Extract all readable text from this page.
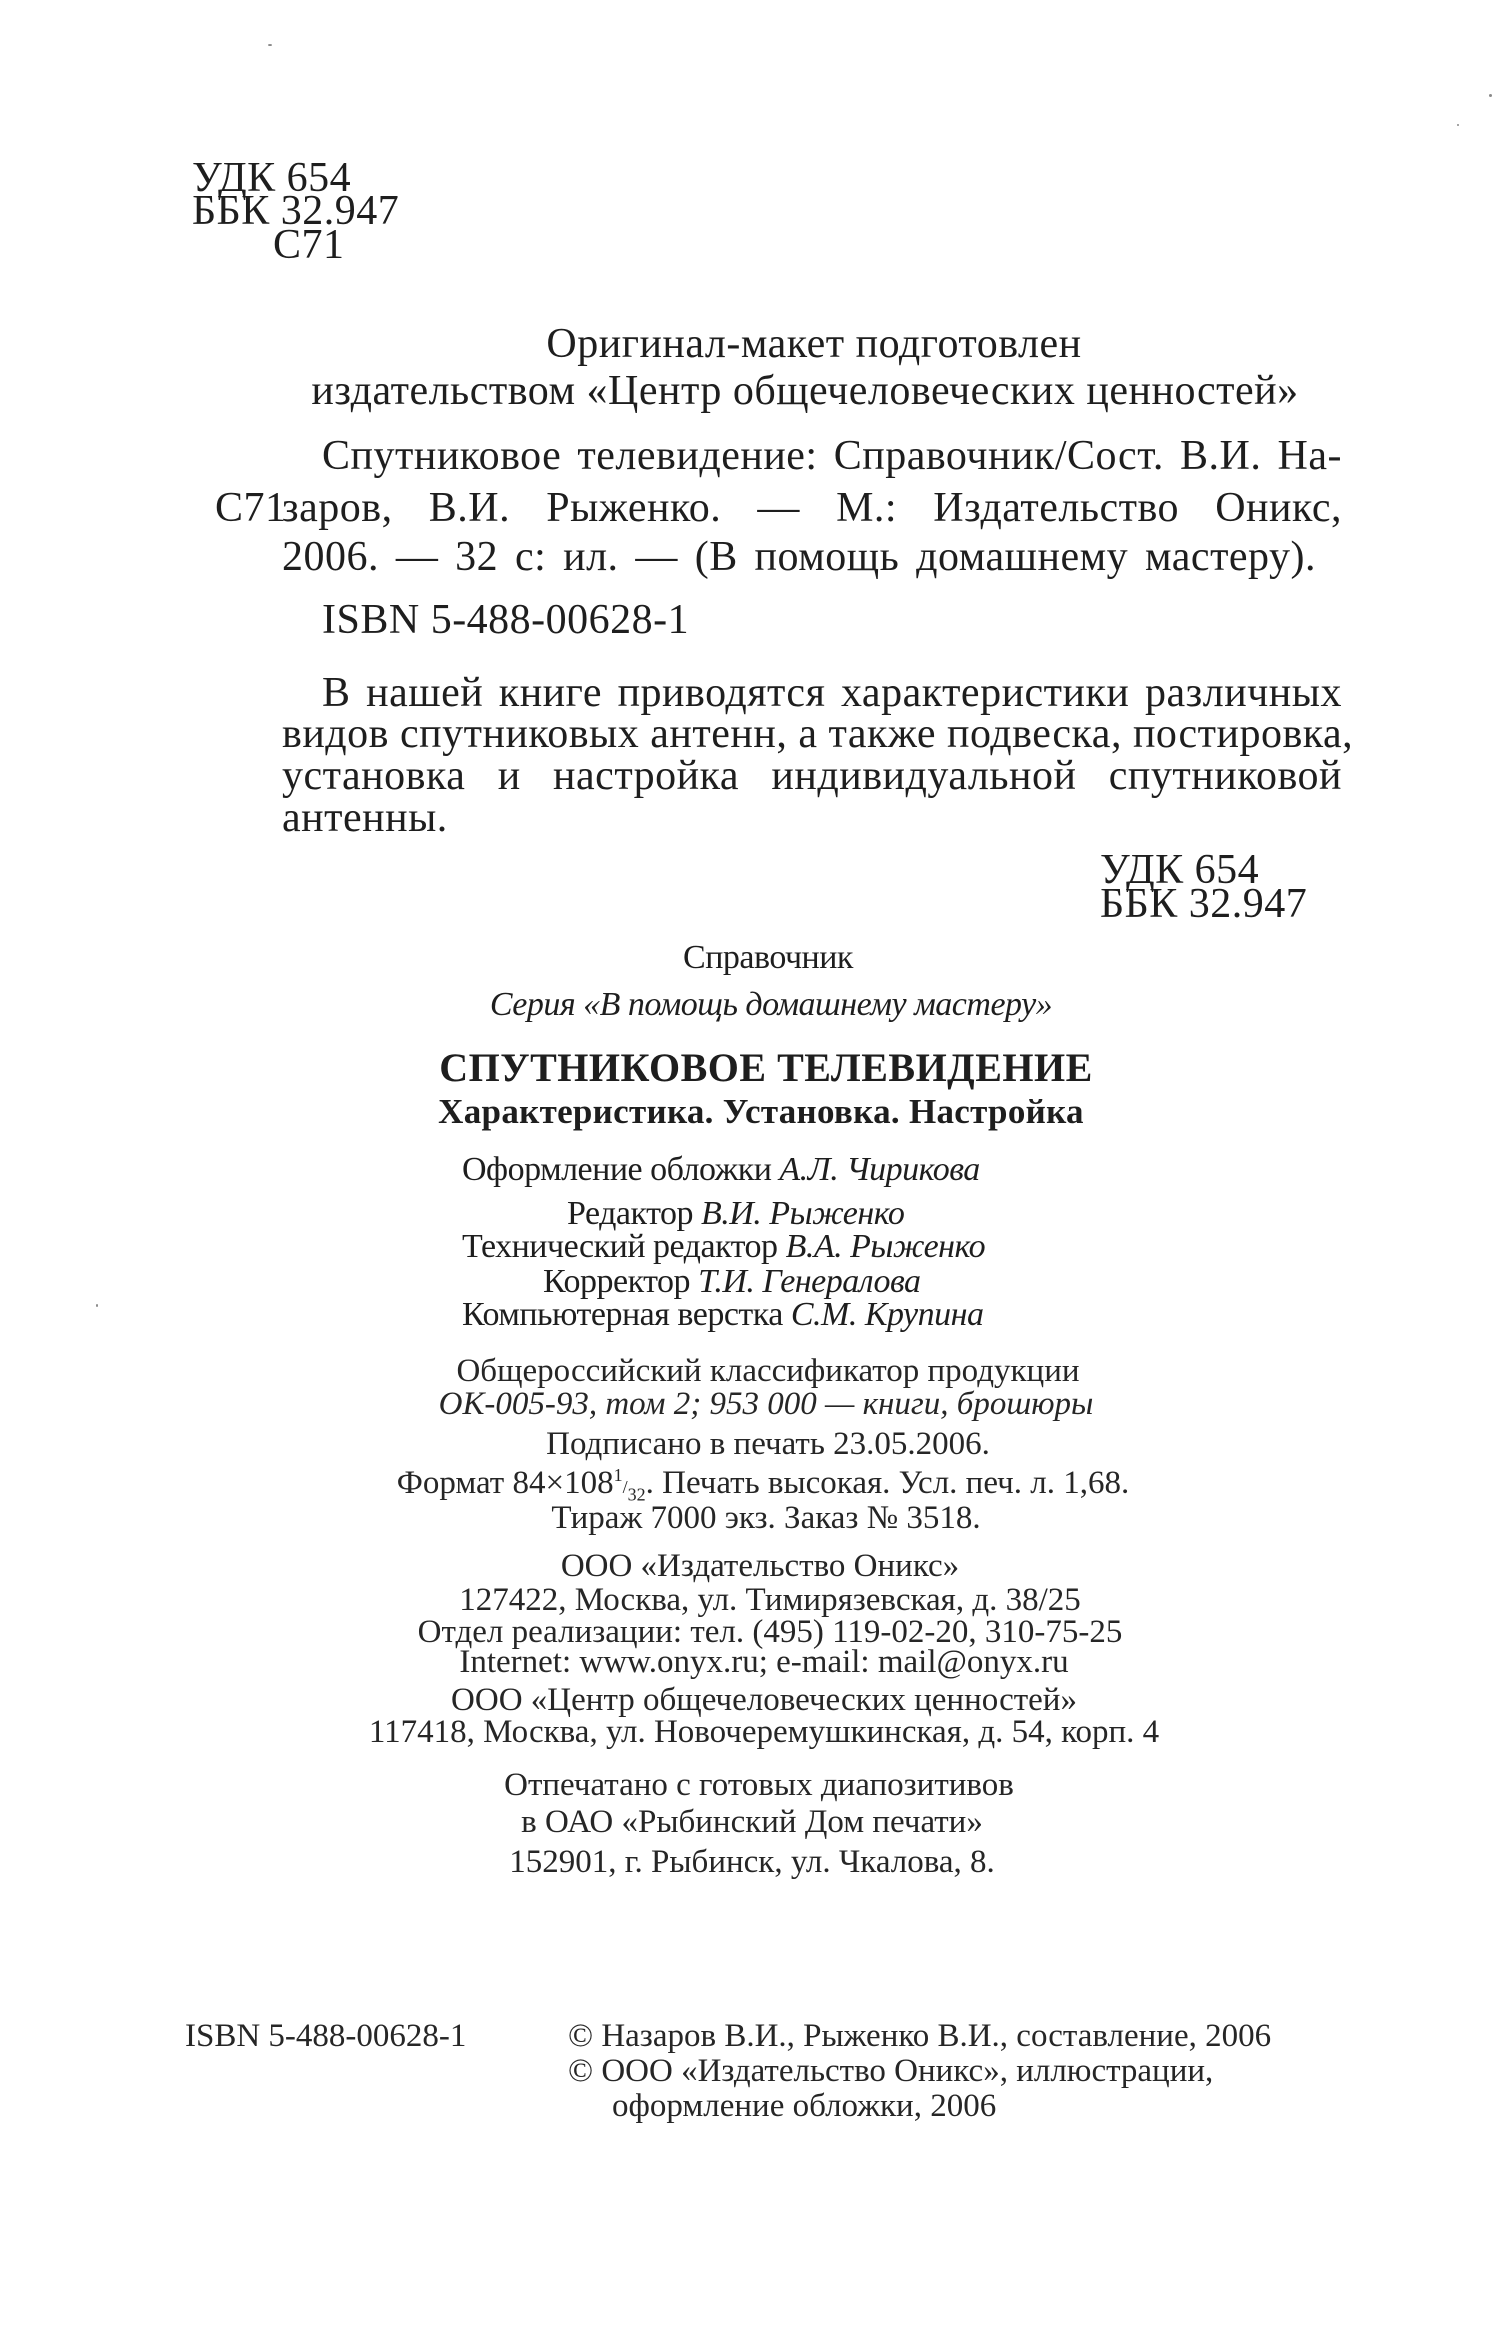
УДК 654
ББК 32.947
С71
Оригинал-макет подготовлен
издательством «Центр общечеловеческих ценностей»
Спутниковое телевидение: Справочник/Сост. В.И. На-
С71
заров, В.И. Рыженко. — М.: Издательство Оникс,
2006. — 32 с: ил. — (В помощь домашнему мастеру).
ISBN 5-488-00628-1
В нашей книге приводятся характеристики различных
видов спутниковых антенн, а также подвеска, постировка,
установка и настройка индивидуальной спутниковой
антенны.
УДК 654
ББК 32.947
Справочник
Серия «В помощь домашнему мастеру»
СПУТНИКОВОЕ ТЕЛЕВИДЕНИЕ
Характеристика. Установка. Настройка
Оформление обложки А.Л. Чирикова
Редактор В.И. Рыженко
Технический редактор В.А. Рыженко
Корректор Т.И. Генералова
Компьютерная верстка С.М. Крупина
Общероссийский классификатор продукции
ОК-005-93, том 2; 953 000 — книги, брошюры
Подписано в печать 23.05.2006.
Формат $84\times 108^1/_{32}$. Печать высокая. Усл. печ. л. 1,68.
Тираж 7000 экз. Заказ № 3518.
ООО «Издательство Оникс»
127422, Москва, ул. Тимирязевская, д. 38/25
Отдел реализации: тел. (495) 119-02-20, 310-75-25
Internet: www.onyx.ru; e-mail: mail@onyx.ru
ООО «Центр общечеловеческих ценностей»
117418, Москва, ул. Новочеремушкинская, д. 54, корп. 4
Отпечатано с готовых диапозитивов
в ОАО «Рыбинский Дом печати»
152901, г. Рыбинск, ул. Чкалова, 8.
ISBN 5-488-00628-1	© Назаров В.И., Рыженко В.И., составление, 2006
© ООО «Издательство Оникс», иллюстрации,
оформление обложки, 2006
